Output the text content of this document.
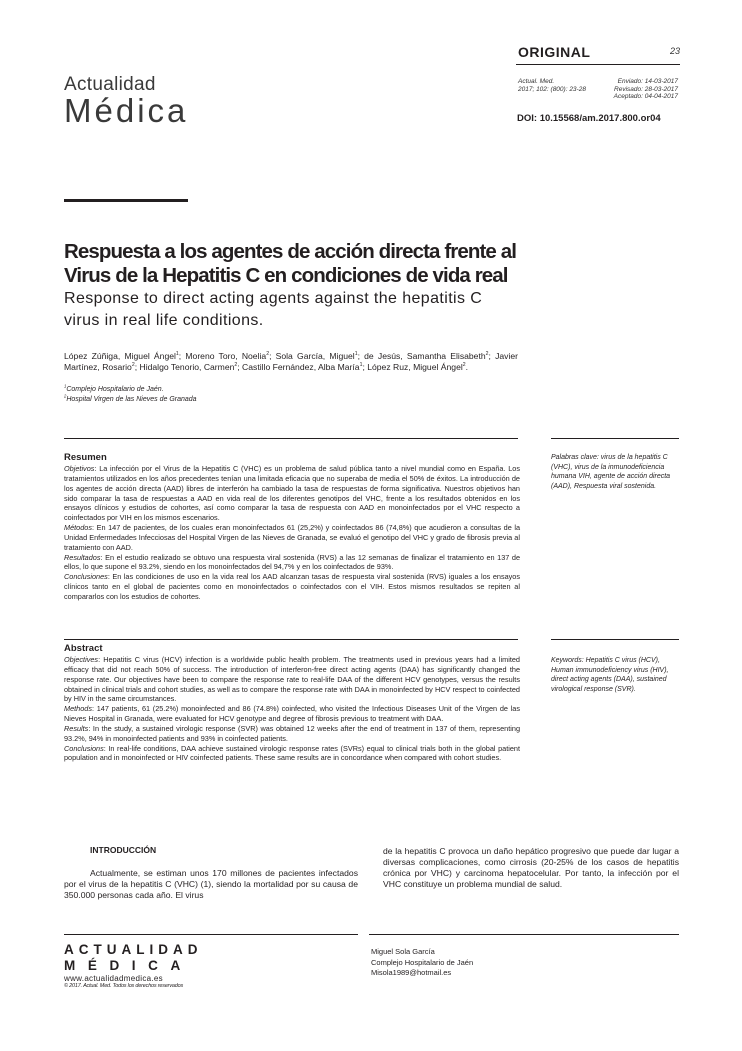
Actualidad
Médica
ORIGINAL	23
Actual. Med.
2017; 102: (800): 23-28
Enviado: 14-03-2017
Revisado: 28-03-2017
Aceptado: 04-04-2017
DOI: 10.15568/am.2017.800.or04
Respuesta a los agentes de acción directa frente al
Virus de la Hepatitis C en condiciones de vida real
Response to direct acting agents against the hepatitis C
virus in real life conditions.
López Zúñiga, Miguel Ángel$^1$; Moreno Toro, Noelia$^2$; Sola García, Miguel$^1$; de Jesús, Samantha Elisabeth$^2$; Javier Martínez, Rosario$^2$; Hidalgo Tenorio, Carmen$^2$; Castillo Fernández, Alba María$^1$; López Ruz, Miguel Ángel$^2$.
$^1$Complejo Hospitalario de Jaén.
$^2$Hospital Virgen de las Nieves de Granada
Resumen

Objetivos: La infección por el Virus de la Hepatitis C (VHC) es un problema de salud pública tanto a nivel mundial como en España. Los tratamientos utilizados en los años precedentes tenían una limitada eficacia que no superaba de media el 50% de éxitos. La introducción de los agentes de acción directa (AAD) libres de interferón ha cambiado la tasa de respuestas de forma significativa. Nuestros objetivos han sido comparar la tasa de respuestas a AAD en vida real de los diferentes genotipos del VHC, frente a los resultados obtenidos en los ensayos clínicos y estudios de cohortes, así como comparar la tasa de respuesta con AAD en monoinfectados por el VHC respecto a coinfectados por VIH en los mismos escenarios.

Métodos: En 147 de pacientes, de los cuales eran monoinfectados 61 (25,2%) y coinfectados 86 (74,8%) que acudieron a consultas de la Unidad Enfermedades Infecciosas del Hospital Virgen de las Nieves de Granada, se evaluó el genotipo del VHC y grado de fibrosis previa al tratamiento con AAD.

Resultados: En el estudio realizado se obtuvo una respuesta viral sostenida (RVS) a las 12 semanas de finalizar el tratamiento en 137 de ellos, lo que supone el 93.2%, siendo en los monoinfectados del 94,7% y en los coinfectados de 93%.

Conclusiones: En las condiciones de uso en la vida real los AAD alcanzan tasas de respuesta viral sostenida (RVS) iguales a los ensayos clínicos tanto en el global de pacientes como en monoinfectados o coinfectados con el VIH. Estos mismos resultados se repiten al compararlos con los estudios de cohortes.

Palabras clave: virus de la hepatitis C (VHC), virus de la inmunodeficiencia humana VIH, agente de acción directa (AAD), Respuesta viral sostenida.
Abstract

Objectives: Hepatitis C virus (HCV) infection is a worldwide public health problem. The treatments used in previous years had a limited efficacy that did not reach 50% of success. The introduction of interferon-free direct acting agents (DAA) has significantly changed the response rate. Our objectives have been to compare the response rate to real-life DAA of the different HCV genotypes, versus the results obtained in clinical trials and cohort studies, as well as to compare the response rate with DAA in monoinfected by HCV respect to coinfected by HIV in the same circumstances.

Methods: 147 patients, 61 (25.2%) monoinfected and 86 (74.8%) coinfected, who visited the Infectious Diseases Unit of the Virgen de las Nieves Hospital in Granada, were evaluated for HCV genotype and degree of fibrosis previous to treatment with DAA.

Results: In the study, a sustained virologic response (SVR) was obtained 12 weeks after the end of treatment in 137 of them, representing 93.2%, 94% in monoinfected patients and 93% in coinfected patients.

Conclusions: In real-life conditions, DAA achieve sustained virologic response rates (SVRs) equal to clinical trials both in the global patient population and in monoinfected or HIV coinfected patients. These same results are in concordance when compared with cohort studies.

Keywords: Hepatitis C virus (HCV), Human immunodeficiency virus (HIV), direct acting agents (DAA), sustained virological response (SVR).
INTRODUCCIÓN
Actualmente, se estiman unos 170 millones de pacientes infectados por el virus de la hepatitis C (VHC) (1), siendo la mortalidad por su causa de 350.000 personas cada año. El virus
de la hepatitis C provoca un daño hepático progresivo que puede dar lugar a diversas complicaciones, como cirrosis (20-25% de los casos de hepatitis crónica por VHC) y carcinoma hepatocelular. Por tanto, la infección por el VHC constituye un problema mundial de salud.
ACTUALIDAD
MÉDICA
www.actualidadmedica.es
© 2017. Actual. Med. Todos los derechos reservados
Miguel Sola García
Complejo Hospitalario de Jaén
Misola1989@hotmail.es
